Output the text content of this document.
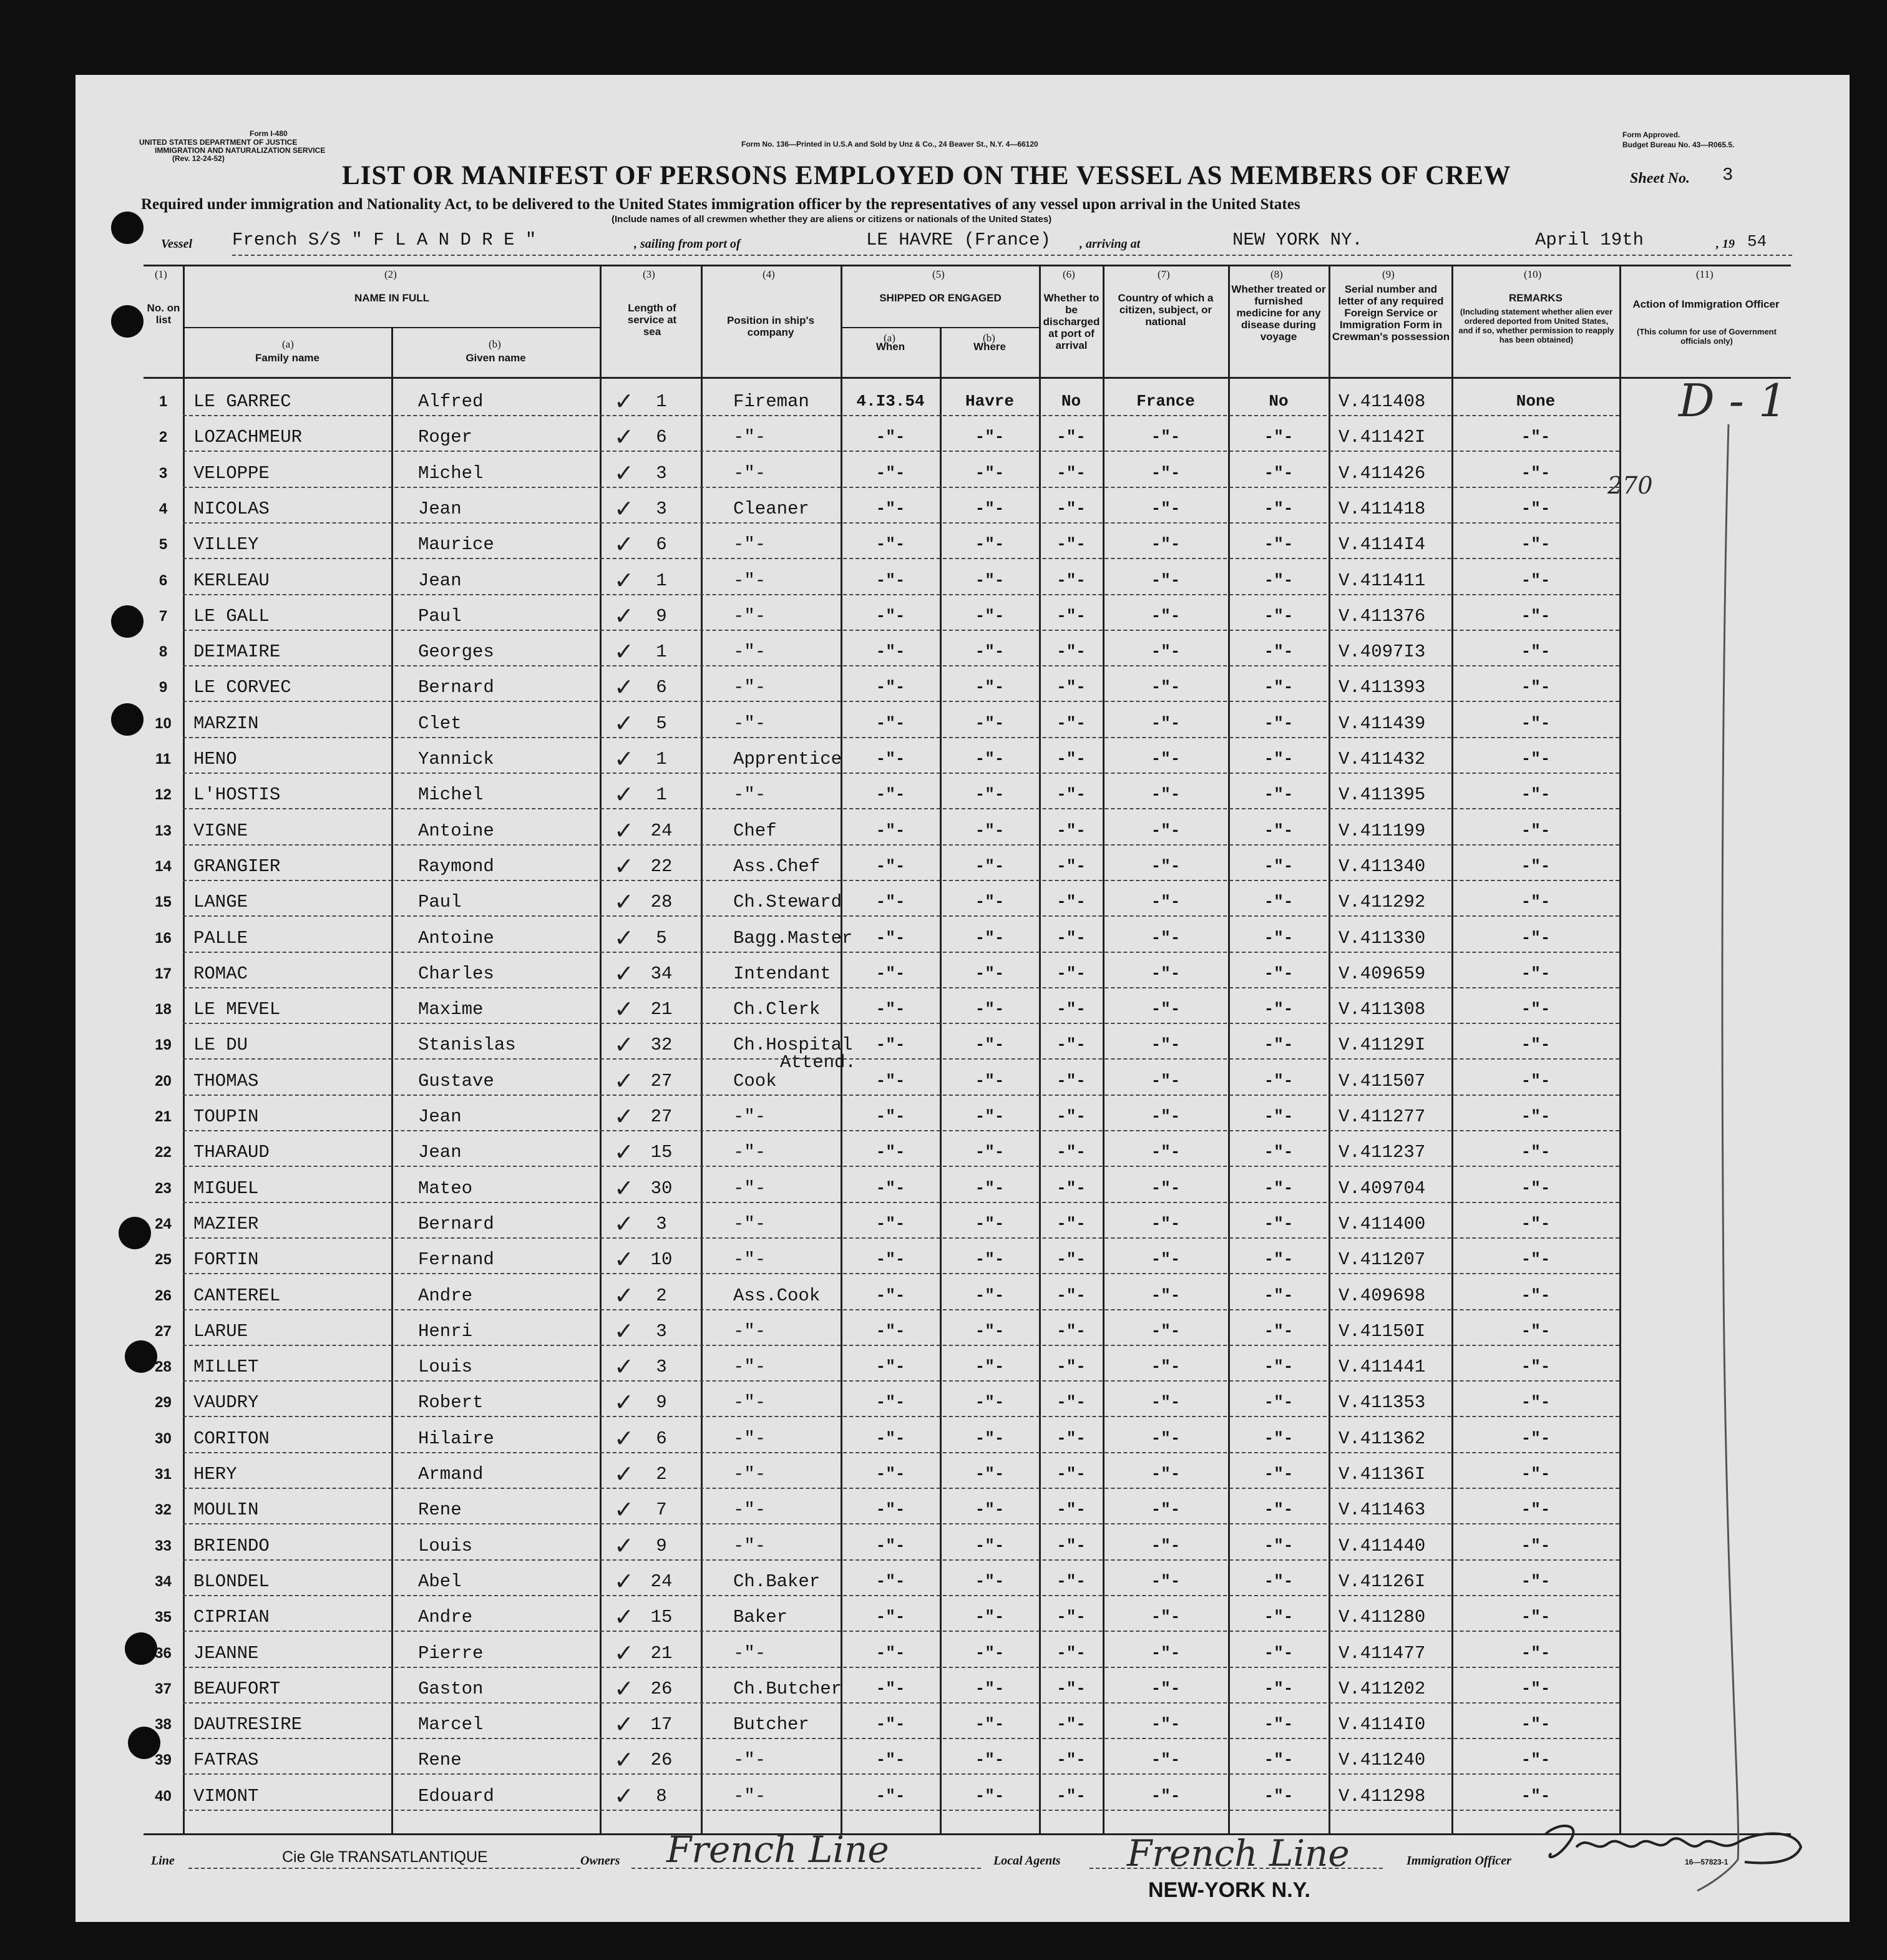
Form I-480
UNITED STATES DEPARTMENT OF JUSTICE
IMMIGRATION AND NATURALIZATION SERVICE
(Rev. 12-24-52)
Form No. 136—Printed in U.S.A and Sold by Unz & Co., 24 Beaver St., N.Y. 4—66120
Form Approved.
Budget Bureau No. 43—R065.5.
LIST OR MANIFEST OF PERSONS EMPLOYED ON THE VESSEL AS MEMBERS OF CREW	Sheet No. 3
Required under immigration and Nationality Act, to be delivered to the United States immigration officer by the representatives of any vessel upon arrival in the United States
(Include names of all crewmen whether they are aliens or citizens or nationals of the United States)
Vessel French S/S " F L A N D R E "	, sailing from port of	LE HAVRE (France) , arriving at	NEW YORK NY.	April 19th	, 19 54
(1)	(2)	(3)	(4)	(5)	(6)	(7)	(8)	(9)	(10)	(11)
No. on list
NAME IN FULL
(a)
Family name
(b)
Given name
Length of service at sea
Position in ship's company
SHIPPED OR ENGAGED
(a)
When
(b)
Where
Whether to be discharged at port of arrival
Country of which a citizen, subject, or national
Whether treated or furnished medicine for any disease during voyage
Serial number and letter of any required Foreign Service or Immigration Form in Crewman's possession
REMARKS
(Including statement whether alien ever ordered deported from United States, and if so, whether permission to reapply has been obtained)
Action of Immigration Officer
(This column for use of Government officials only)
1	LE GARREC	Alfred	1	Fireman	4.I3.54	Havre	No	France	No	V.411408	None
✓
2	LOZACHMEUR	Roger	6	-"-	-"-	-"-	-"-	-"-	-"-	V.41142I	-"-
✓
3	VELOPPE	Michel	3	-"-	-"-	-"-	-"-	-"-	-"-	V.411426	-"-
✓
4	NICOLAS	Jean	3	Cleaner	-"-	-"-	-"-	-"-	-"-	V.411418	-"-
✓
5	VILLEY	Maurice	6	-"-	-"-	-"-	-"-	-"-	-"-	V.4114I4	-"-
✓
6	KERLEAU	Jean	1	-"-	-"-	-"-	-"-	-"-	-"-	V.411411	-"-
✓
7	LE GALL	Paul	9	-"-	-"-	-"-	-"-	-"-	-"-	V.411376	-"-
✓
8	DEIMAIRE	Georges	1	-"-	-"-	-"-	-"-	-"-	-"-	V.4097I3	-"-
✓
9	LE CORVEC	Bernard	6	-"-	-"-	-"-	-"-	-"-	-"-	V.411393	-"-
✓
10	MARZIN	Clet	5	-"-	-"-	-"-	-"-	-"-	-"-	V.411439	-"-
✓
11	HENO	Yannick	1	Apprentice	-"-	-"-	-"-	-"-	-"-	V.411432	-"-
✓
12	L'HOSTIS	Michel	1	-"-	-"-	-"-	-"-	-"-	-"-	V.411395	-"-
✓
13	VIGNE	Antoine	24	Chef	-"-	-"-	-"-	-"-	-"-	V.411199	-"-
✓
14	GRANGIER	Raymond	22	Ass.Chef	-"-	-"-	-"-	-"-	-"-	V.411340	-"-
✓
15	LANGE	Paul	28	Ch.Steward	-"-	-"-	-"-	-"-	-"-	V.411292	-"-
✓
16	PALLE	Antoine	5	Bagg.Master	-"-	-"-	-"-	-"-	-"-	V.411330	-"-
✓
17	ROMAC	Charles	34	Intendant	-"-	-"-	-"-	-"-	-"-	V.409659	-"-
✓
18	LE MEVEL	Maxime	21	Ch.Clerk	-"-	-"-	-"-	-"-	-"-	V.411308	-"-
✓
19	LE DU	Stanislas	32	Ch.Hospital	-"-	-"-	-"-	-"-	-"-	V.41129I	-"-
Attend.
✓
20	THOMAS	Gustave	27	Cook	-"-	-"-	-"-	-"-	-"-	V.411507	-"-
✓
21	TOUPIN	Jean	27	-"-	-"-	-"-	-"-	-"-	-"-	V.411277	-"-
✓
22	THARAUD	Jean	15	-"-	-"-	-"-	-"-	-"-	-"-	V.411237	-"-
✓
23	MIGUEL	Mateo	30	-"-	-"-	-"-	-"-	-"-	-"-	V.409704	-"-
✓
24	MAZIER	Bernard	3	-"-	-"-	-"-	-"-	-"-	-"-	V.411400	-"-
✓
25	FORTIN	Fernand	10	-"-	-"-	-"-	-"-	-"-	-"-	V.411207	-"-
✓
26	CANTEREL	Andre	2	Ass.Cook	-"-	-"-	-"-	-"-	-"-	V.409698	-"-
✓
27	LARUE	Henri	3	-"-	-"-	-"-	-"-	-"-	-"-	V.41150I	-"-
✓
28	MILLET	Louis	3	-"-	-"-	-"-	-"-	-"-	-"-	V.411441	-"-
✓
29	VAUDRY	Robert	9	-"-	-"-	-"-	-"-	-"-	-"-	V.411353	-"-
✓
30	CORITON	Hilaire	6	-"-	-"-	-"-	-"-	-"-	-"-	V.411362	-"-
✓
31	HERY	Armand	2	-"-	-"-	-"-	-"-	-"-	-"-	V.41136I	-"-
✓
32	MOULIN	Rene	7	-"-	-"-	-"-	-"-	-"-	-"-	V.411463	-"-
✓
33	BRIENDO	Louis	9	-"-	-"-	-"-	-"-	-"-	-"-	V.411440	-"-
✓
34	BLONDEL	Abel	24	Ch.Baker	-"-	-"-	-"-	-"-	-"-	V.41126I	-"-
✓
35	CIPRIAN	Andre	15	Baker	-"-	-"-	-"-	-"-	-"-	V.411280	-"-
✓
36	JEANNE	Pierre	21	-"-	-"-	-"-	-"-	-"-	-"-	V.411477	-"-
✓
37	BEAUFORT	Gaston	26	Ch.Butcher	-"-	-"-	-"-	-"-	-"-	V.411202	-"-
✓
38	DAUTRESIRE	Marcel	17	Butcher	-"-	-"-	-"-	-"-	-"-	V.4114I0	-"-
✓
39	FATRAS	Rene	26	-"-	-"-	-"-	-"-	-"-	-"-	V.411240	-"-
✓
40	VIMONT	Edouard	8	-"-	-"-	-"-	-"-	-"-	-"-	V.411298	-"-
✓
D - 1
270
Line	Cie Gle TRANSATLANTIQUE	Owners French Line	Local Agents French Line
NEW-YORK N.Y.
Immigration Officer	16—57823-1
